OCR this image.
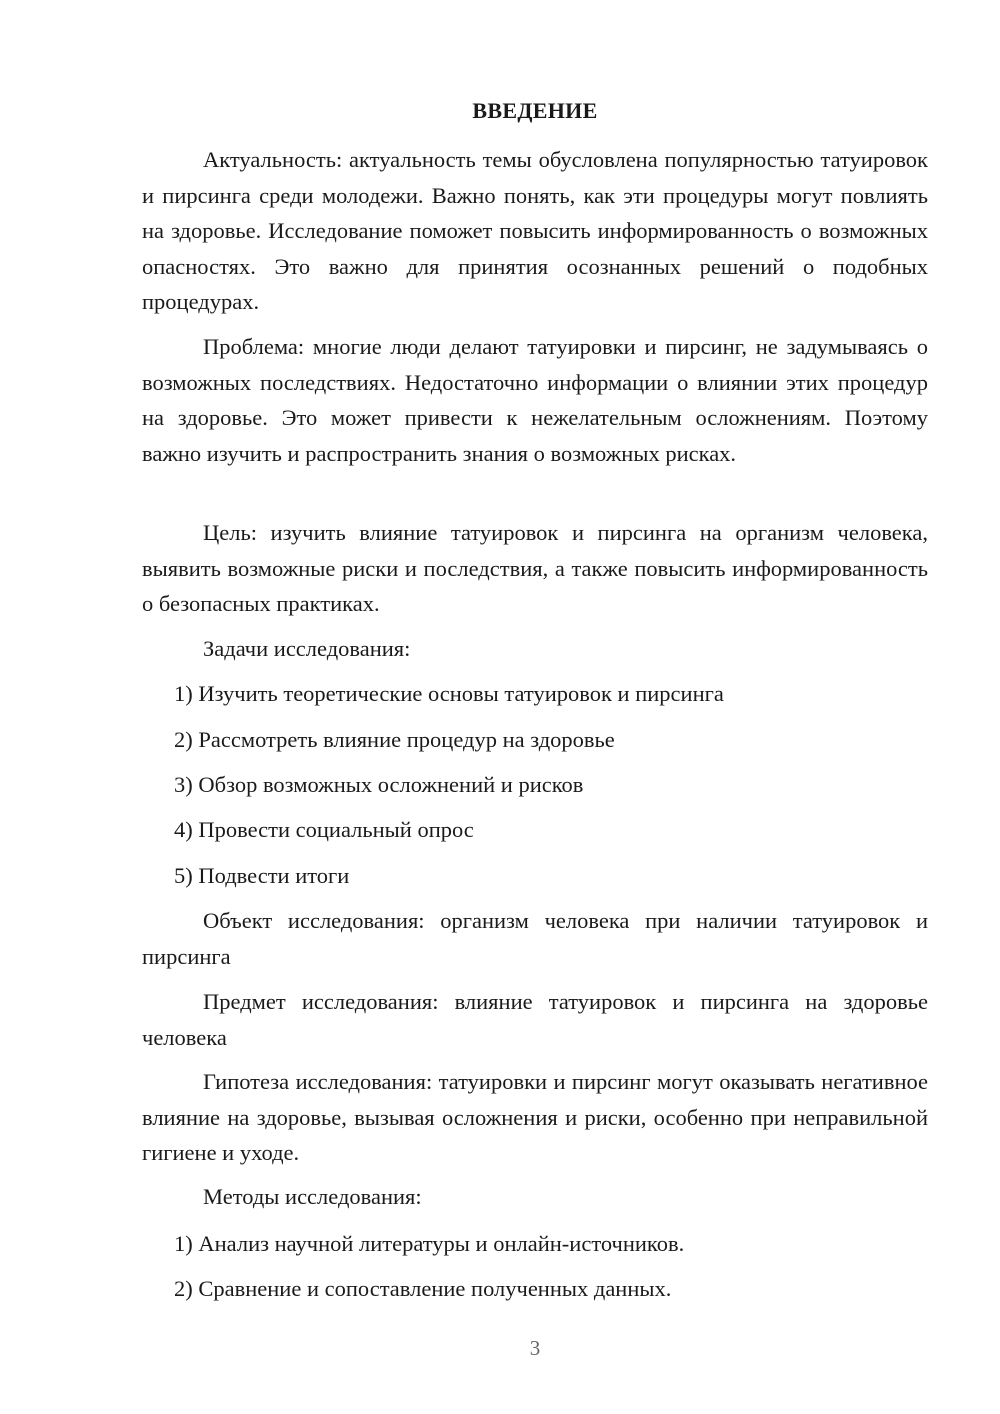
ВВЕДЕНИЕ

Актуальность: актуальность темы обусловлена популярностью татуировок и пирсинга среди молодежи. Важно понять, как эти процедуры могут повлиять на здоровье. Исследование поможет повысить информированность о возможных опасностях. Это важно для принятия осознанных решений о подобных процедурах.

Проблема: многие люди делают татуировки и пирсинг, не задумываясь о возможных последствиях. Недостаточно информации о влиянии этих процедур на здоровье. Это может привести к нежелательным осложнениям. Поэтому важно изучить и распространить знания о возможных рисках.

Цель: изучить влияние татуировок и пирсинга на организм человека, выявить возможные риски и последствия, а также повысить информированность о безопасных практиках.

Задачи исследования:

1) Изучить теоретические основы татуировок и пирсинга

2) Рассмотреть влияние процедур на здоровье

3) Обзор возможных осложнений и рисков

4) Провести социальный опрос

5) Подвести итоги

Объект исследования: организм человека при наличии татуировок и пирсинга

Предмет исследования: влияние татуировок и пирсинга на здоровье человека

Гипотеза исследования: татуировки и пирсинг могут оказывать негативное влияние на здоровье, вызывая осложнения и риски, особенно при неправильной гигиене и уходе.

Методы исследования:

1) Анализ научной литературы и онлайн-источников.

2) Сравнение и сопоставление полученных данных.

3
